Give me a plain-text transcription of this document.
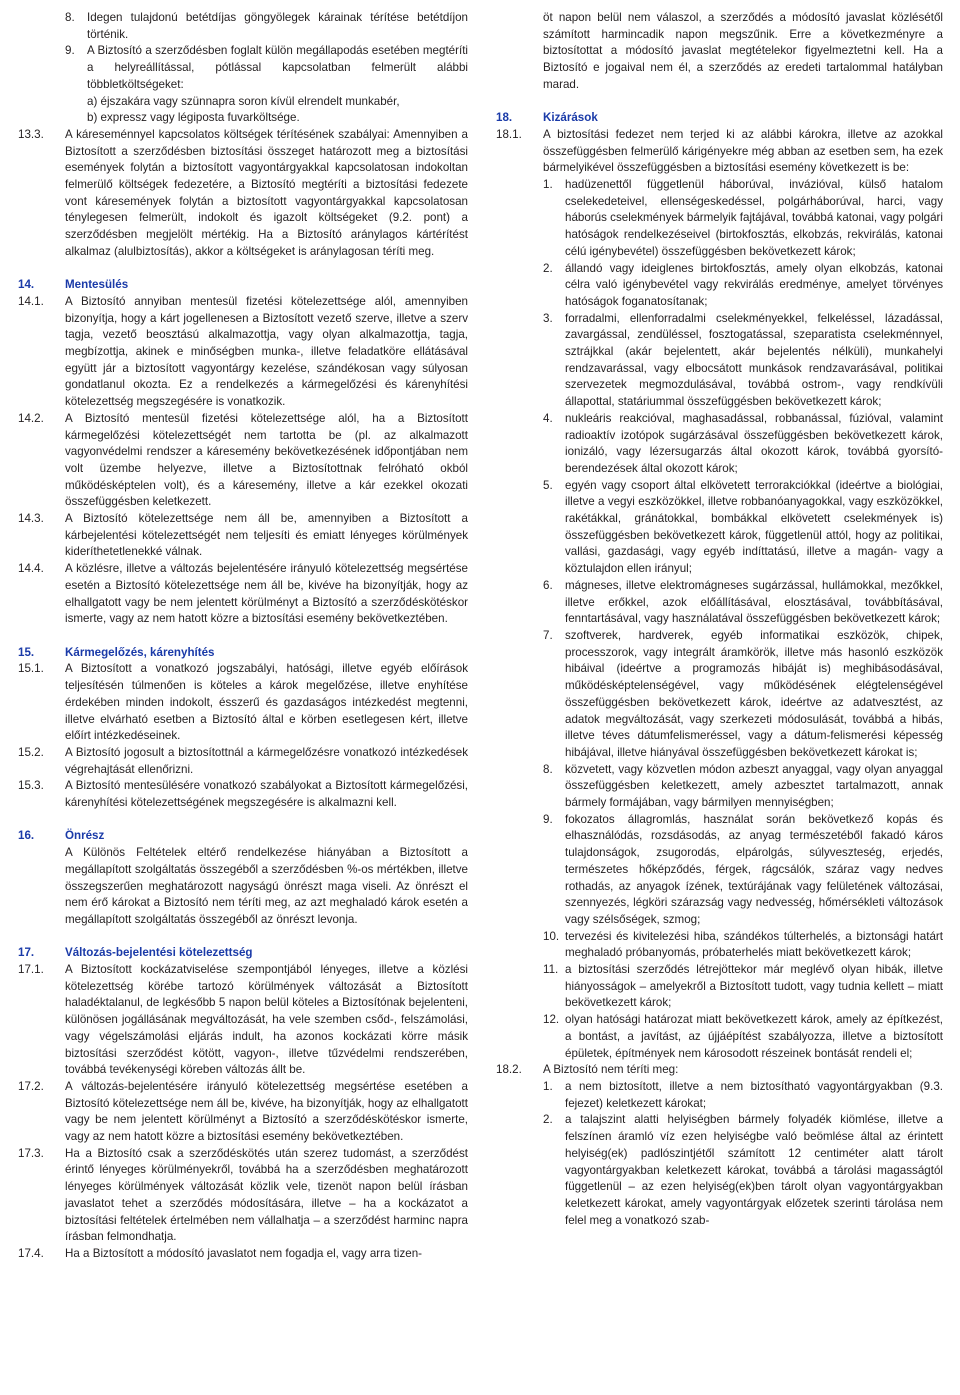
8.	Idegen tulajdonú betétdíjas göngyölegek kárainak térítése betétdíjon történik.
9.	A Biztosító a szerződésben foglalt külön megállapodás esetében megtéríti a helyreállítással, pótlással kapcsolatban felmerült alábbi többletköltségeket:
a) éjszakára vagy szünnapra soron kívül elrendelt munkabér,
b) expressz vagy légiposta fuvarköltsége.
13.3.	A káreseménnyel kapcsolatos költségek térítésének szabályai: Amennyiben a Biztosított a szerződésben biztosítási összeget határozott meg a biztosítási események folytán a biztosított vagyontárgyakkal kapcsolatosan indokoltan felmerülő költségek fedezetére, a Biztosító megtéríti a biztosítási fedezete vont káresemények folytán a biztosított vagyontárgyakkal kapcsolatosan ténylegesen felmerült, indokolt és igazolt költségeket (9.2. pont) a szerződésben megjelölt mértékig. Ha a Biztosító aránylagos kártérítést alkalmaz (alulbiztosítás), akkor a költségeket is aránylagosan téríti meg.
14.	Mentesülés
14.1.	A Biztosító annyiban mentesül fizetési kötelezettsége alól, amennyiben bizonyítja, hogy a kárt jogellenesen a Biztosított vezető szerve, illetve a szerv tagja, vezető beosztású alkalmazottja, vagy olyan alkalmazottja, tagja, megbízottja, akinek e minőségben munka-, illetve feladatköre ellátásával együtt jár a biztosított vagyontárgy kezelése, szándékosan vagy súlyosan gondatlanul okozta. Ez a rendelkezés a kármegelőzési és kárenyhítési kötelezettség megszegésére is vonatkozik.
14.2.	A Biztosító mentesül fizetési kötelezettsége alól, ha a Biztosított kármegelőzési kötelezettségét nem tartotta be (pl. az alkalmazott vagyonvédelmi rendszer a káresemény bekövetkezésének időpontjában nem volt üzembe helyezve, illetve a Biztosítottnak felróható okból működésképtelen volt), és a káresemény, illetve a kár ezekkel okozati összefüggésben keletkezett.
14.3.	A Biztosító kötelezettsége nem áll be, amennyiben a Biztosított a kárbejelentési kötelezettségét nem teljesíti és emiatt lényeges körülmények kideríthetetlenekké válnak.
14.4.	A közlésre, illetve a változás bejelentésére irányuló kötelezettség megsértése esetén a Biztosító kötelezettsége nem áll be, kivéve ha bizonyítják, hogy az elhallgatott vagy be nem jelentett körülményt a Biztosító a szerződéskötéskor ismerte, vagy az nem hatott közre a biztosítási esemény bekövetkeztében.
15.	Kármegelőzés, kárenyhítés
15.1.	A Biztosított a vonatkozó jogszabályi, hatósági, illetve egyéb előírások teljesítésén túlmenően is köteles a károk megelőzése, illetve enyhítése érdekében minden indokolt, ésszerű és gazdaságos intézkedést megtenni, illetve elvárható esetben a Biztosító által e körben esetlegesen kért, illetve előírt intézkedéseinek.
15.2.	A Biztosító jogosult a biztosítottnál a kármegelőzésre vonatkozó intézkedések végrehajtását ellenőrizni.
15.3.	A Biztosító mentesülésére vonatkozó szabályokat a Biztosított kármegelőzési, kárenyhítési kötelezettségének megszegésére is alkalmazni kell.
16.	Önrész
A Különös Feltételek eltérő rendelkezése hiányában a Biztosított a megállapított szolgáltatás összegéből a szerződésben %-os mértékben, illetve összegszerűen meghatározott nagyságú önrészt maga viseli. Az önrészt el nem érő károkat a Biztosító nem téríti meg, az azt meghaladó károk esetén a megállapított szolgáltatás összegéből az önrészt levonja.
17.	Változás-bejelentési kötelezettség
17.1.	A Biztosított kockázatviselése szempontjából lényeges, illetve a közlési kötelezettség körébe tartozó körülmények változását a Biztosított haladéktalanul, de legkésőbb 5 napon belül köteles a Biztosítónak bejelenteni, különösen jogállásának megváltozását, ha vele szemben csőd-, felszámolási, vagy végelszámolási eljárás indult, ha azonos kockázati körre másik biztosítási szerződést kötött, vagyon-, illetve tűzvédelmi rendszerében, továbbá tevékenységi köreben változás állt be.
17.2.	A változás-bejelentésére irányuló kötelezettség megsértése esetében a Biztosító kötelezettsége nem áll be, kivéve, ha bizonyítják, hogy az elhallgatott vagy be nem jelentett körülményt a Biztosító a szerződéskötéskor ismerte, vagy az nem hatott közre a biztosítási esemény bekövetkeztében.
17.3.	Ha a Biztosító csak a szerződéskötés után szerez tudomást, a szerződést érintő lényeges körülményekről, továbbá ha a szerződésben meghatározott lényeges körülmények változását közlik vele, tizenöt napon belül írásban javaslatot tehet a szerződés módosítására, illetve – ha a kockázatot a biztosítási feltételek értelmében nem vállalhatja – a szerződést harminc napra írásban felmondhatja.
17.4.	Ha a Biztosított a módosító javaslatot nem fogadja el, vagy arra tizen-
öt napon belül nem válaszol, a szerződés a módosító javaslat közlésétől számított harmincadik napon megszűnik. Erre a következményre a biztosítottat a módosító javaslat megtételekor figyelmeztetni kell. Ha a Biztosító e jogaival nem él, a szerződés az eredeti tartalommal hatályban marad.
18.	Kizárások
18.1.	A biztosítási fedezet nem terjed ki az alábbi károkra, illetve az azokkal összefüggésben felmerülő kárigényekre még abban az esetben sem, ha ezek bármelyikével összefüggésben a biztosítási esemény következett is be:
1.	hadüzenettől függetlenül háborúval, invázióval, külső hatalom cselekedeteivel, ellenségeskedéssel, polgárháborúval, harci, vagy háborús cselekmények bármelyik fajtájával, továbbá katonai, vagy polgári hatóságok rendelkezéseivel (birtokfosztás, elkobzás, rekvirálás, katonai célú igénybevétel) összefüggésben bekövetkezett károk;
2.	állandó vagy ideiglenes birtokfosztás, amely olyan elkobzás, katonai célra való igénybevétel vagy rekvirálás eredménye, amelyet törvényes hatóságok foganatosítanak;
3.	forradalmi, ellenforradalmi cselekményekkel, felkeléssel, lázadással, zavargással, zendüléssel, fosztogatással, szeparatista cselekménnyel, sztrájkkal (akár bejelentett, akár bejelentés nélküli), munkahelyi rendzavarással, vagy elbocsátott munkások rendzavarásával, politikai szervezetek megmozdulásával, továbbá ostrom-, vagy rendkívüli állapottal, statáriummal összefüggésben bekövetkezett károk;
4.	nukleáris reakcióval, maghasadással, robbanással, fúzióval, valamint radioaktív izotópok sugárzásával összefüggésben bekövetkezett károk, ionizáló, vagy lézersugarzás által okozott károk, továbbá gyorsító-berendezések által okozott károk;
5.	egyén vagy csoport által elkövetett terrorakciókkal (ideértve a biológiai, illetve a vegyi eszközökkel, illetve robbanóanyagokkal, vagy eszközökkel, rakétákkal, gránátokkal, bombákkal elkövetett cselekmények is) összefüggésben bekövetkezett károk, függetlenül attól, hogy az politikai, vallási, gazdasági, vagy egyéb indíttatású, illetve a magán- vagy a köztulajdon ellen irányul;
6.	mágneses, illetve elektromágneses sugárzással, hullámokkal, mezőkkel, illetve erőkkel, azok előállításával, elosztásával, továbbításával, fenntartásával, vagy használatával összefüggésben bekövetkezett károk;
7.	szoftverek, hardverek, egyéb informatikai eszközök, chipek, processzorok, vagy integrált áramkörök, illetve más hasonló eszközök hibáival (ideértve a programozás hibáját is) meghibásodásával, működésképtelenségével, vagy működésének elégtelenségével összefüggésben bekövetkezett károk, ideértve az adatvesztést, az adatok megváltozását, vagy szerkezeti módosulását, továbbá a hibás, illetve téves dátumfelismeréssel, vagy a dátum-felismerési képesség hibájával, illetve hiányával összefüggésben bekövetkezett károkat is;
8.	közvetett, vagy közvetlen módon azbeszt anyaggal, vagy olyan anyaggal összefüggésben keletkezett, amely azbesztet tartalmazott, annak bármely formájában, vagy bármilyen mennyiségben;
9.	fokozatos állagromlás, használat során bekövetkező kopás és elhasználódás, rozsdásodás, az anyag természetéből fakadó káros tulajdonságok, zsugorodás, elpárolgás, súlyveszteség, erjedés, természetes hőképződés, férgek, rágcsálók, száraz vagy nedves rothadás, az anyagok ízének, textúrájának vagy felületének változásai, szennyezés, légköri szárazság vagy nedvesség, hőmérsékleti változások vagy szélsőségek, szmog;
10. tervezési és kivitelezési hiba, szándékos túlterhelés, a biztonsági határt meghaladó próbanyomás, próbaterhelés miatt bekövetkezett károk;
11. a biztosítási szerződés létrejöttekor már meglévő olyan hibák, illetve hiányosságok – amelyekről a Biztosított tudott, vagy tudnia kellett – miatt bekövetkezett károk;
12. olyan hatósági határozat miatt bekövetkezett károk, amely az építkezést, a bontást, a javítást, az újjáépítést szabályozza, illetve a biztosított épületek, építmények nem károsodott részeinek bontását rendeli el;
18.2.	A Biztosító nem téríti meg:
1.	a nem biztosított, illetve a nem biztosítható vagyontárgyakban (9.3. fejezet) keletkezett károkat;
2.	a talajszint alatti helyiségben bármely folyadék kiömlése, illetve a felszínen áramló víz ezen helyiségbe való beömlése által az érintett helyiség(ek) padlószintjétől számított 12 centiméter alatt tárolt vagyontárgyakban keletkezett károkat, továbbá a tárolási magasságtól függetlenül – az ezen helyiség(ek)ben tárolt olyan vagyontárgyakban keletkezett károkat, amely vagyontárgyak előzetek szerinti tárolása nem felel meg a vonatkozó szab-
